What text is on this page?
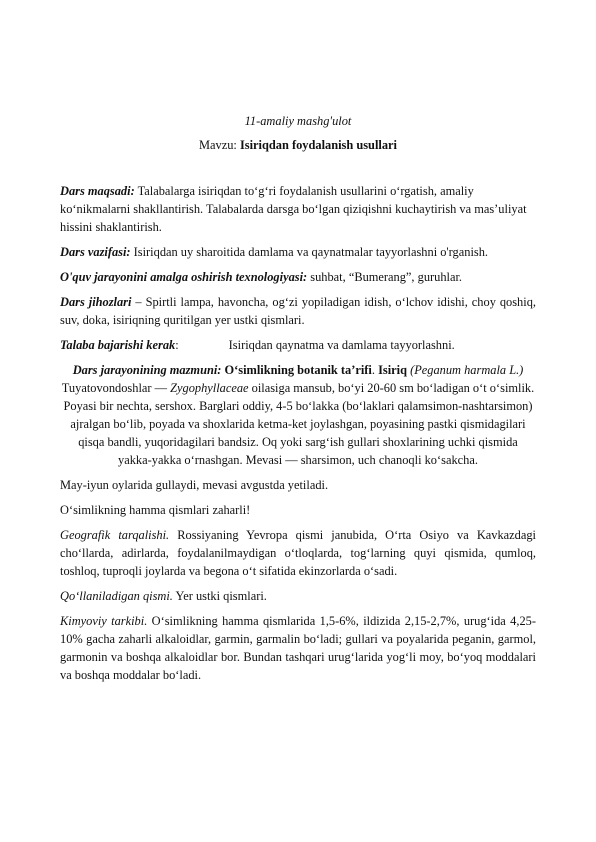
11-amaliy mashg'ulot
Mavzu: Isiriqdan foydalanish usullari

Dars maqsadi: Talabalarga isiriqdan to‘g‘ri foydalanish usullarini o‘rgatish, amaliy ko‘nikmalarni shakllantirish. Talabalarda darsga bo‘lgan qiziqishni kuchaytirish va mas’uliyat hissini shaklantirish.

Dars vazifasi: Isiriqdan uy sharoitida damlama va qaynatmalar tayyorlashni o'rganish.

O'quv jarayonini amalga oshirish texnologiyasi: suhbat, “Bumerang”, guruhlar.

Dars jihozlari – Spirtli lampa, havoncha, og‘zi yopiladigan idish, o‘lchov idishi, choy qoshiq, suv, doka, isiriqning quritilgan yer ustki qismlari.

Talaba bajarishi kerak:	Isiriqdan qaynatma va damlama tayyorlashni.

Dars jarayonining mazmuni: O‘simlikning botanik ta’rifi. Isiriq (Peganum harmala L.) Tuyatovondoshlar — Zygophyllaceae oilasiga mansub, bo‘yi 20-60 sm bo‘ladigan o‘t o‘simlik. Poyasi bir nechta, sershox. Barglari oddiy, 4-5 bo‘lakka (bo‘laklari qalamsimon-nashtarsimon) ajralgan bo‘lib, poyada va shoxlarida ketma-ket joylashgan, poyasining pastki qismidagilari qisqa bandli, yuqoridagilari bandsiz. Oq yoki sarg‘ish gullari shoxlarining uchki qismida yakka-yakka o‘rnashgan. Mevasi — sharsimon, uch chanoqli ko‘sakcha.

May-iyun oylarida gullaydi, mevasi avgustda yetiladi.

O‘simlikning hamma qismlari zaharli!

Geografik tarqalishi. Rossiyaning Yevropa qismi janubida, O‘rta Osiyo va Kavkazdagi cho‘llarda, adirlarda, foydalanilmaydigan o‘tloqlarda, tog‘larning quyi qismida, qumloq, toshloq, tuproqli joylarda va begona o‘t sifatida ekinzorlarda o‘sadi.

Qo‘llaniladigan qismi. Yer ustki qismlari.

Kimyoviy tarkibi. O‘simlikning hamma qismlarida 1,5-6%, ildizida 2,15-2,7%, urug‘ida 4,25-10% gacha zaharli alkaloidlar, garmin, garmalin bo‘ladi; gullari va poyalarida peganin, garmol, garmonin va boshqa alkaloidlar bor. Bundan tashqari urug‘larida yog‘li moy, bo‘yoq moddalari va boshqa moddalar bo‘ladi.
